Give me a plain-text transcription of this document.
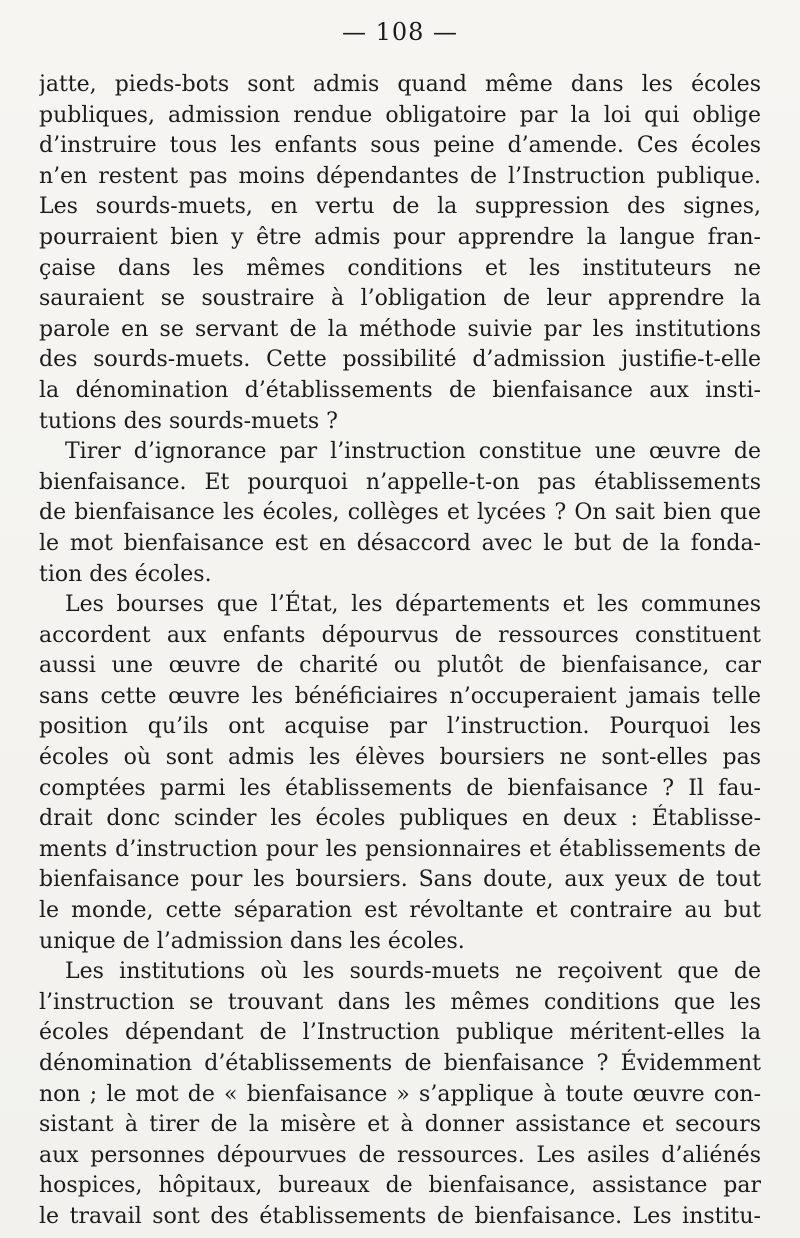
— 108 —
jatte, pieds-bots sont admis quand même dans les écoles
publiques, admission rendue obligatoire par la loi qui oblige
d’instruire tous les enfants sous peine d’amende. Ces écoles
n’en restent pas moins dépendantes de l’Instruction publique.
Les sourds-muets, en vertu de la suppression des signes,
pourraient bien y être admis pour apprendre la langue fran-
çaise dans les mêmes conditions et les instituteurs ne
sauraient se soustraire à l’obligation de leur apprendre la
parole en se servant de la méthode suivie par les institutions
des sourds-muets. Cette possibilité d’admission justifie-t-elle
la dénomination d’établissements de bienfaisance aux insti-
tutions des sourds-muets ?
Tirer d’ignorance par l’instruction constitue une œuvre de
bienfaisance. Et pourquoi n’appelle-t-on pas établissements
de bienfaisance les écoles, collèges et lycées ? On sait bien que
le mot bienfaisance est en désaccord avec le but de la fonda-
tion des écoles.
Les bourses que l’État, les départements et les communes
accordent aux enfants dépourvus de ressources constituent
aussi une œuvre de charité ou plutôt de bienfaisance, car
sans cette œuvre les bénéficiaires n’occuperaient jamais telle
position qu’ils ont acquise par l’instruction. Pourquoi les
écoles où sont admis les élèves boursiers ne sont-elles pas
comptées parmi les établissements de bienfaisance ? Il fau-
drait donc scinder les écoles publiques en deux : Établisse-
ments d’instruction pour les pensionnaires et établissements de
bienfaisance pour les boursiers. Sans doute, aux yeux de tout
le monde, cette séparation est révoltante et contraire au but
unique de l’admission dans les écoles.
Les institutions où les sourds-muets ne reçoivent que de
l’instruction se trouvant dans les mêmes conditions que les
écoles dépendant de l’Instruction publique méritent-elles la
dénomination d’établissements de bienfaisance ? Évidemment
non ; le mot de « bienfaisance » s’applique à toute œuvre con-
sistant à tirer de la misère et à donner assistance et secours
aux personnes dépourvues de ressources. Les asiles d’aliénés
hospices, hôpitaux, bureaux de bienfaisance, assistance par
le travail sont des établissements de bienfaisance. Les institu-
